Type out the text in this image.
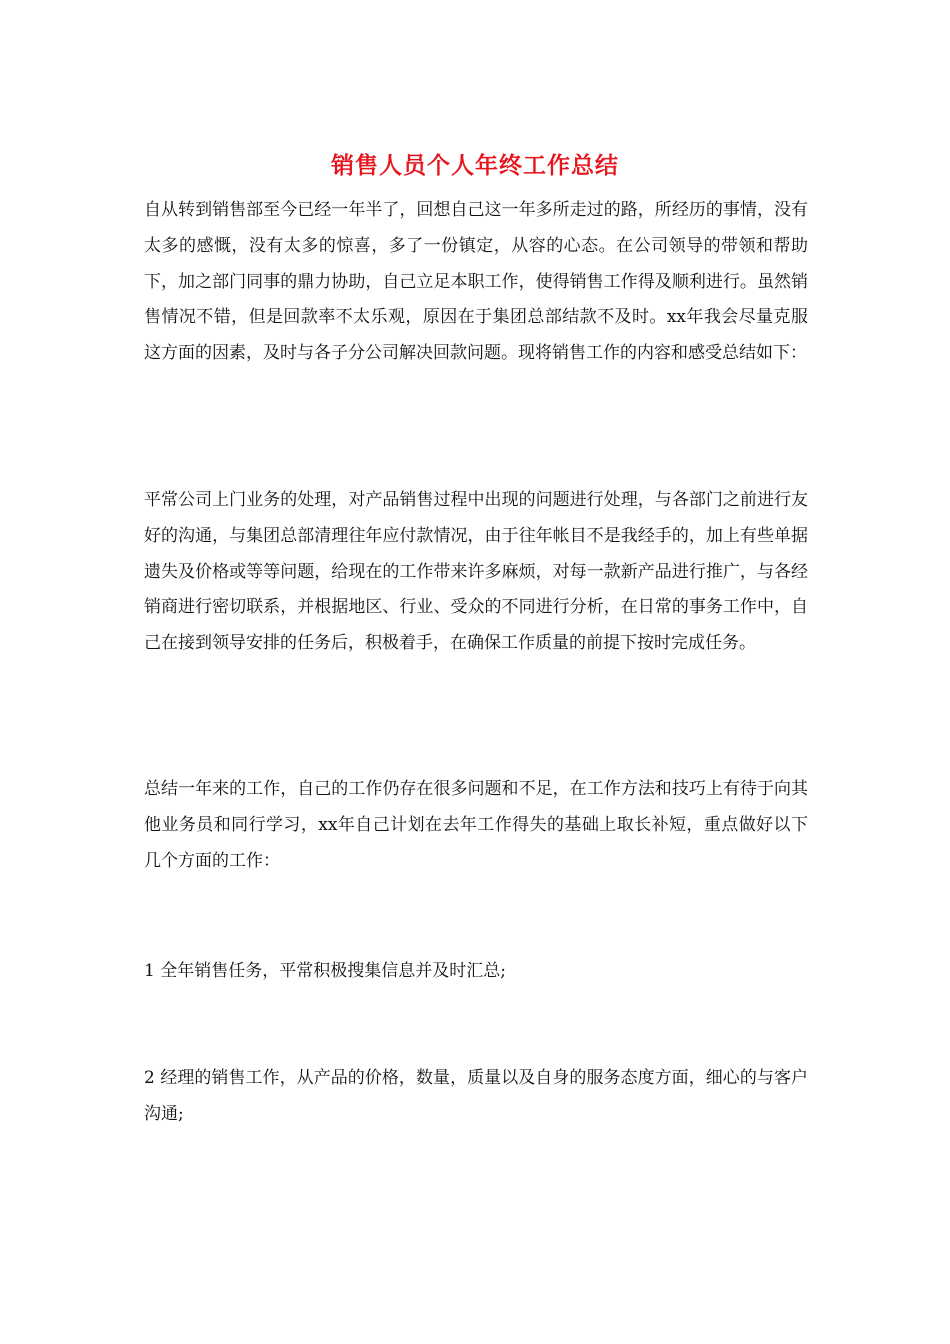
销售人员个人年终工作总结

自从转到销售部至今已经一年半了，回想自己这一年多所走过的路，所经历的事情，没有太多的感慨，没有太多的惊喜，多了一份镇定，从容的心态。在公司领导的带领和帮助下，加之部门同事的鼎力协助，自己立足本职工作，使得销售工作得及顺利进行。虽然销售情况不错，但是回款率不太乐观，原因在于集团总部结款不及时。xx年我会尽量克服这方面的因素，及时与各子分公司解决回款问题。现将销售工作的内容和感受总结如下：

平常公司上门业务的处理，对产品销售过程中出现的问题进行处理，与各部门之前进行友好的沟通，与集团总部清理往年应付款情况，由于往年帐目不是我经手的，加上有些单据遗失及价格或等等问题，给现在的工作带来许多麻烦，对每一款新产品进行推广，与各经销商进行密切联系，并根据地区、行业、受众的不同进行分析，在日常的事务工作中，自己在接到领导安排的任务后，积极着手，在确保工作质量的前提下按时完成任务。

总结一年来的工作，自己的工作仍存在很多问题和不足，在工作方法和技巧上有待于向其他业务员和同行学习，xx年自己计划在去年工作得失的基础上取长补短，重点做好以下几个方面的工作：

1 全年销售任务，平常积极搜集信息并及时汇总;

2 经理的销售工作，从产品的价格，数量，质量以及自身的服务态度方面，细心的与客户沟通;
